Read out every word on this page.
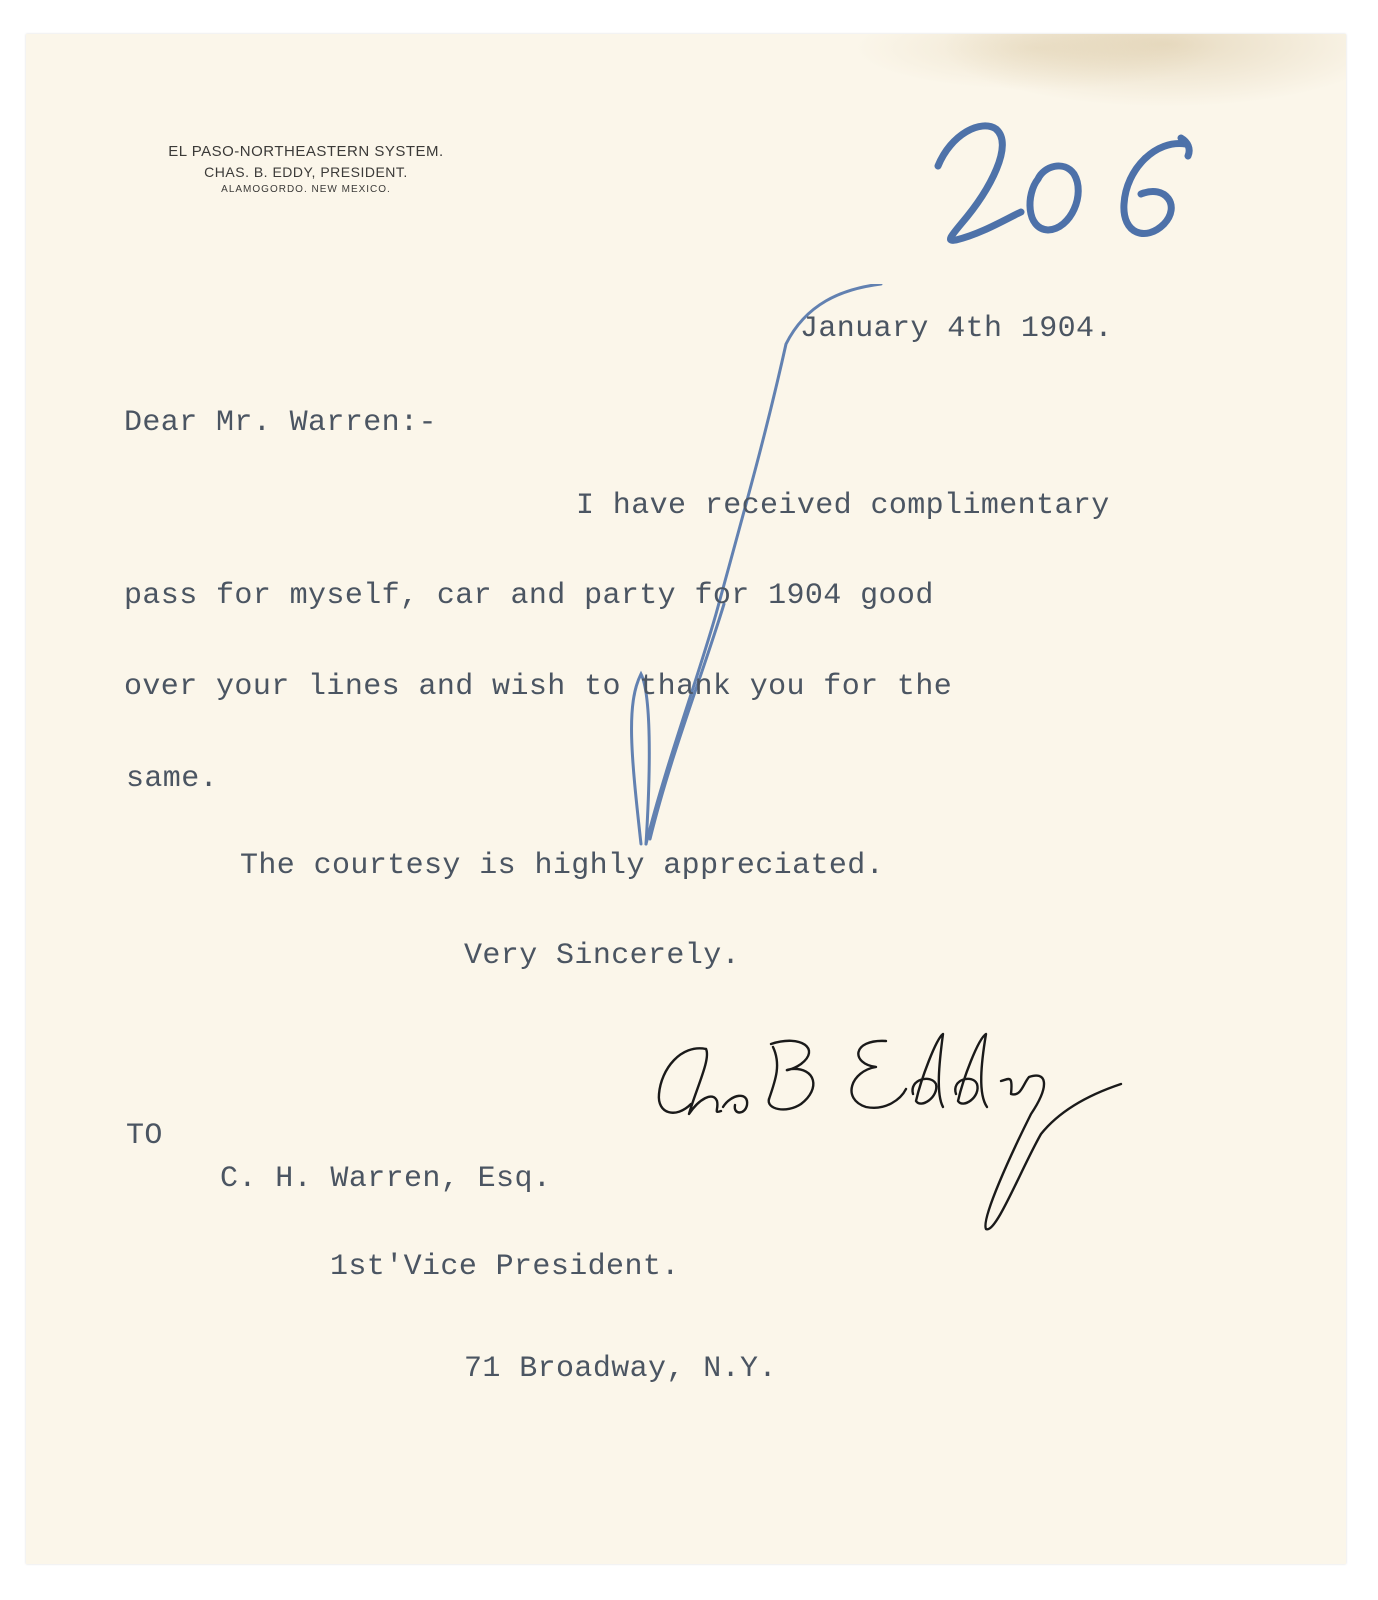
EL PASO-NORTHEASTERN SYSTEM.
CHAS. B. EDDY, PRESIDENT.
ALAMOGORDO. NEW MEXICO.
January 4th 1904.
Dear Mr. Warren:-
I have received complimentary
pass for myself, car and party for 1904 good
over your lines and wish to thank you for the
same.
The courtesy is highly appreciated.
Very Sincerely.
TO
C. H. Warren, Esq.
1st'Vice President.
71 Broadway, N.Y.
